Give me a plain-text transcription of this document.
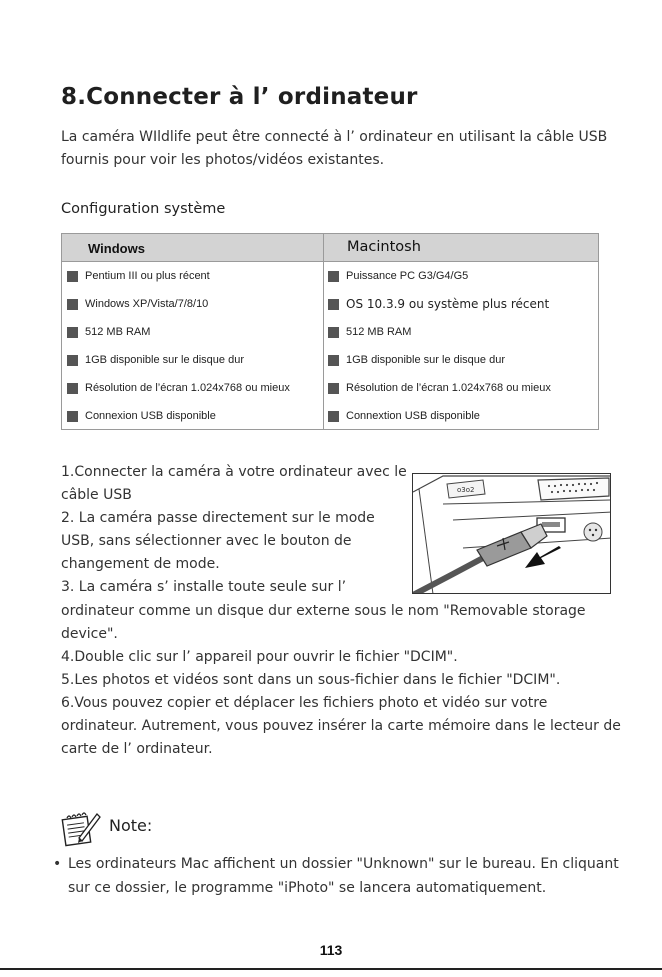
8.Connecter à l’ ordinateur
La caméra WIldlife peut être connecté à l’ ordinateur en utilisant la câble USB fournis pour voir les photos/vidéos existantes.
Configuration système
Windows	Macintosh
Pentium III ou plus récent
Windows XP/Vista/7/8/10
512 MB RAM
1GB disponible sur le disque dur
Résolution de l’écran 1.024x768 ou mieux
Connexion USB disponible
Puissance PC G3/G4/G5
OS 10.3.9 ou système plus récent
512 MB RAM
1GB disponible sur le disque dur
Résolution de l’écran 1.024x768 ou mieux
Connextion USB disponible

1.Connecter la caméra à votre ordinateur avec le câble USB

2. La caméra passe directement sur le mode USB, sans sélectionner avec le bouton de changement de mode.

3. La caméra s’ installe toute seule sur l’

ordinateur comme un disque dur externe sous le nom "Removable storage device".

4.Double clic sur l’ appareil pour ouvrir le fichier "DCIM".

5.Les photos et vidéos sont dans un sous-fichier dans le fichier "DCIM".

6.Vous pouvez copier et déplacer les fichiers photo et vidéo sur votre ordinateur. Autrement, vous pouvez insérer la carte mémoire dans le lecteur de carte de l’ ordinateur.

o3o2
Note:
• Les ordinateurs Mac affichent un dossier "Unknown" sur le bureau. En cliquant sur ce dossier, le programme "iPhoto" se lancera automatiquement.
113
